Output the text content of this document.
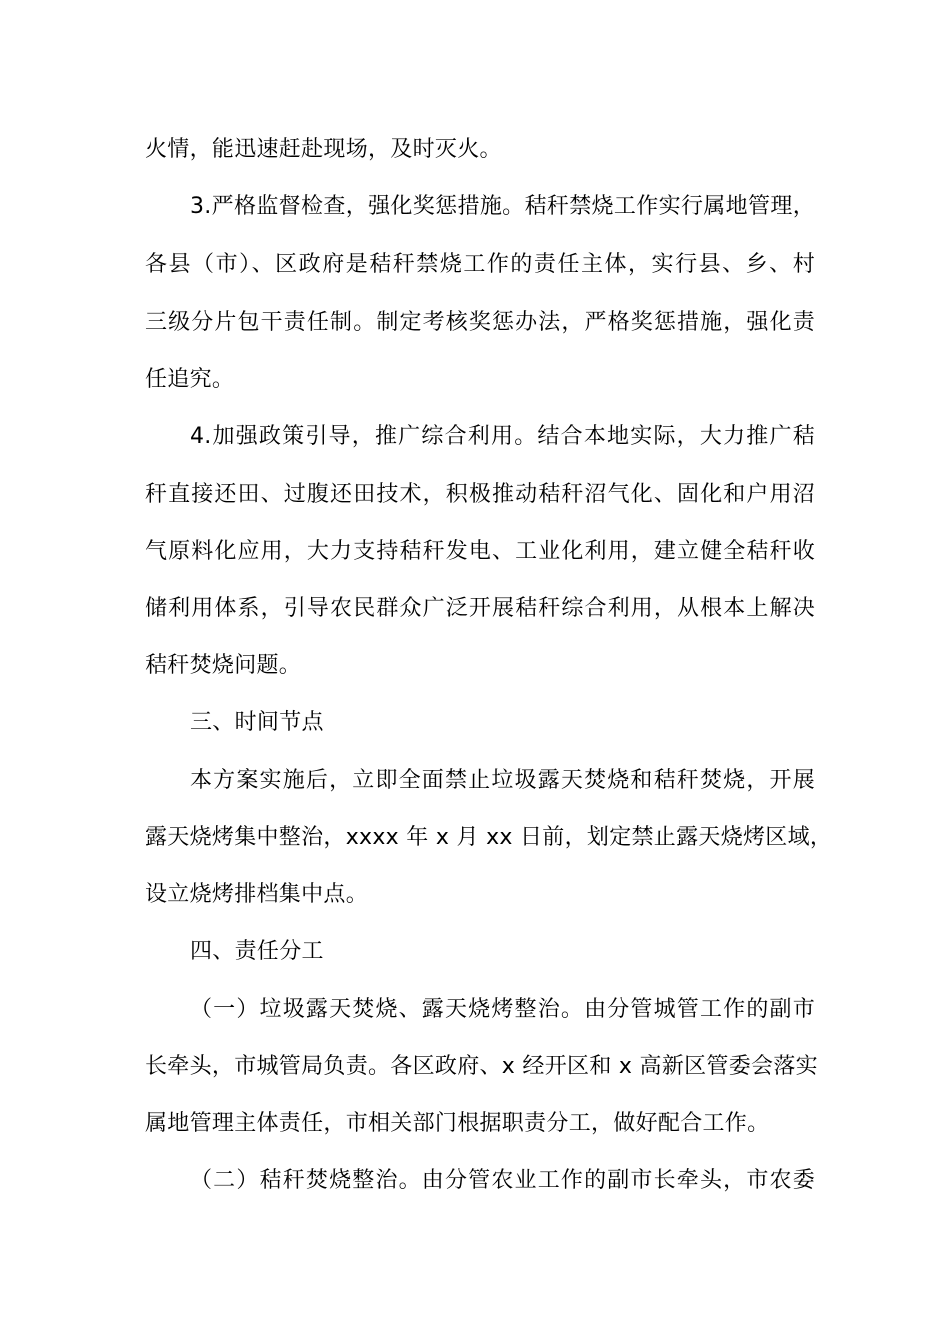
火情，能迅速赶赴现场，及时灭火。
3.严格监督检查，强化奖惩措施。秸秆禁烧工作实行属地管理，
各县（市）、区政府是秸秆禁烧工作的责任主体，实行县、乡、村
三级分片包干责任制。制定考核奖惩办法，严格奖惩措施，强化责
任追究。
4.加强政策引导，推广综合利用。结合本地实际，大力推广秸
秆直接还田、过腹还田技术，积极推动秸秆沼气化、固化和户用沼
气原料化应用，大力支持秸秆发电、工业化利用，建立健全秸秆收
储利用体系，引导农民群众广泛开展秸秆综合利用，从根本上解决
秸秆焚烧问题。
三、时间节点
本方案实施后，立即全面禁止垃圾露天焚烧和秸秆焚烧，开展
露天烧烤集中整治，xxxx 年 x 月 xx 日前，划定禁止露天烧烤区域，
设立烧烤排档集中点。
四、责任分工
（一）垃圾露天焚烧、露天烧烤整治。由分管城管工作的副市
长牵头，市城管局负责。各区政府、x 经开区和 x 高新区管委会落实
属地管理主体责任，市相关部门根据职责分工，做好配合工作。
（二）秸秆焚烧整治。由分管农业工作的副市长牵头，市农委
